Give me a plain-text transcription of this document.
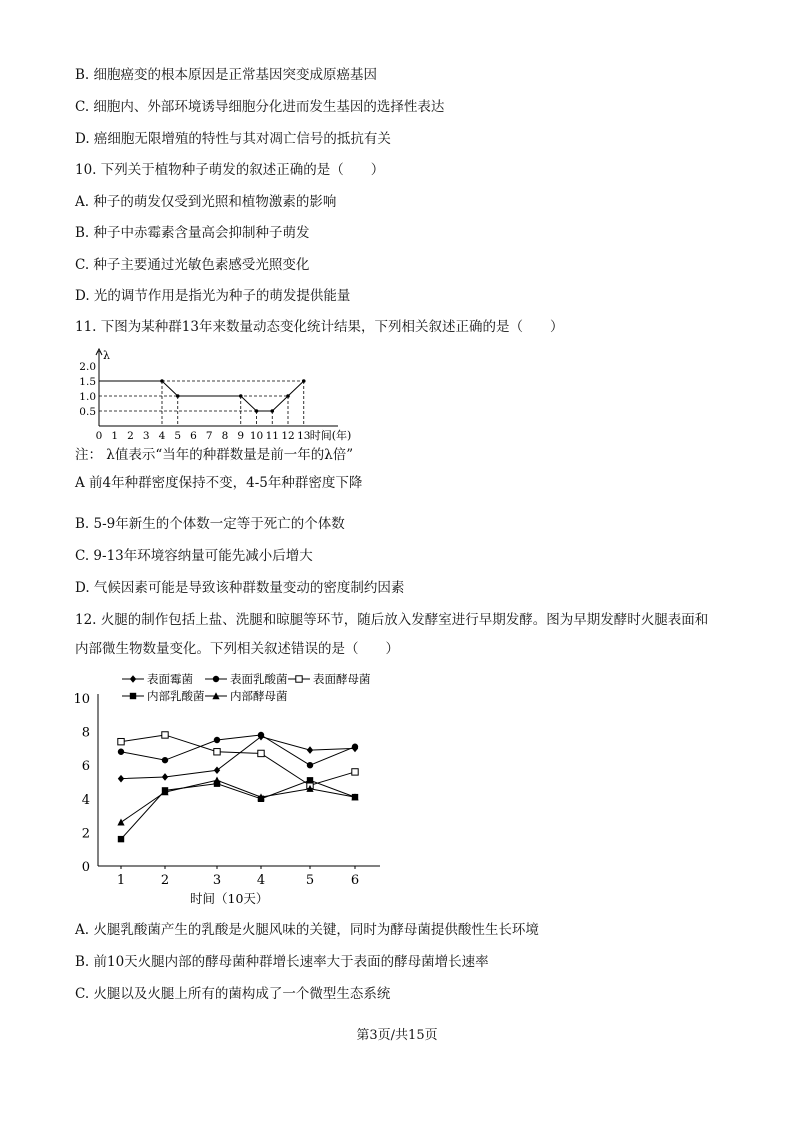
B. 细胞癌变的根本原因是正常基因突变成原癌基因
C. 细胞内、外部环境诱导细胞分化进而发生基因的选择性表达
D. 癌细胞无限增殖的特性与其对凋亡信号的抵抗有关
10. 下列关于植物种子萌发的叙述正确的是（　　）
A. 种子的萌发仅受到光照和植物激素的影响
B. 种子中赤霉素含量高会抑制种子萌发
C. 种子主要通过光敏色素感受光照变化
D. 光的调节作用是指光为种子的萌发提供能量
11. 下图为某种群13年来数量动态变化统计结果，下列相关叙述正确的是（　　）
λ
0.5
1.0
1.5
2.0
0 1 2 3 4 5 6 7 8 9 10 11 12 13 时间(年)
注： λ值表示“当年的种群数量是前一年的λ倍”
A 前4年种群密度保持不变，4-5年种群密度下降
B. 5-9年新生的个体数一定等于死亡的个体数
C. 9-13年环境容纳量可能先减小后增大
D. 气候因素可能是导致该种群数量变动的密度制约因素
12. 火腿的制作包括上盐、洗腿和晾腿等环节，随后放入发酵室进行早期发酵。图为早期发酵时火腿表面和
内部微生物数量变化。下列相关叙述错误的是（　　）
0
2
4
6
8
10
1	2	3	4	5	6
时间（10天）
表面霉菌	表面乳酸菌 表面酵母菌
内部乳酸菌 内部酵母菌
A. 火腿乳酸菌产生的乳酸是火腿风味的关键，同时为酵母菌提供酸性生长环境
B. 前10天火腿内部的酵母菌种群增长速率大于表面的酵母菌增长速率
C. 火腿以及火腿上所有的菌构成了一个微型生态系统
第3页/共15页
